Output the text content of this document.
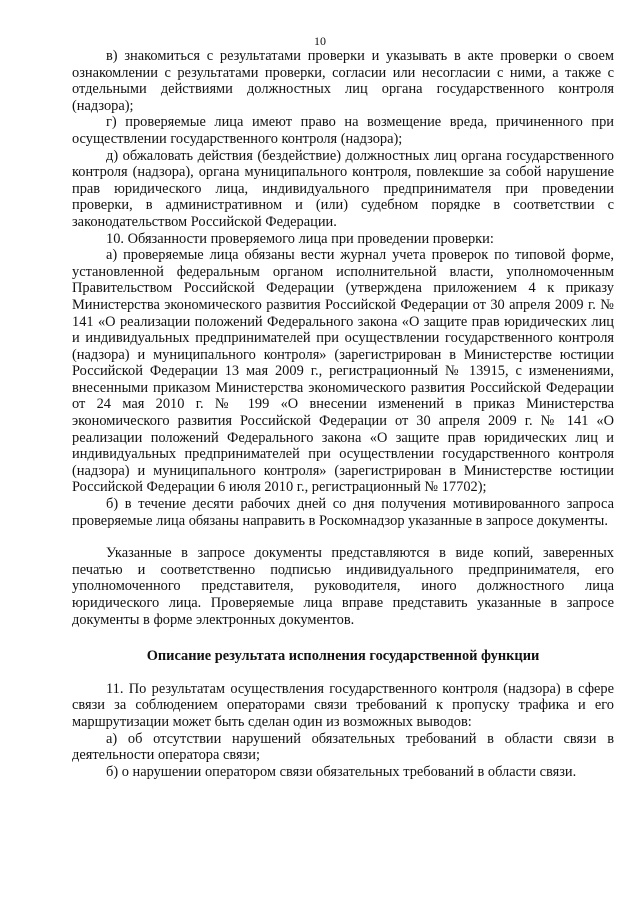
10

в) знакомиться с результатами проверки и указывать в акте проверки о своем ознакомлении с результатами проверки, согласии или несогласии с ними, а также с отдельными действиями должностных лиц органа государственного контроля (надзора);

г) проверяемые лица имеют право на возмещение вреда, причиненного при осуществлении государственного контроля (надзора);

д) обжаловать действия (бездействие) должностных лиц органа государственного контроля (надзора), органа муниципального контроля, повлекшие за собой нарушение прав юридического лица, индивидуального предпринимателя при проведении проверки, в административном и (или) судебном порядке в соответствии с законодательством Российской Федерации.

10. Обязанности проверяемого лица при проведении проверки:

а) проверяемые лица обязаны вести журнал учета проверок по типовой форме, установленной федеральным органом исполнительной власти, уполномоченным Правительством Российской Федерации (утверждена приложением 4 к приказу Министерства экономического развития Российской Федерации от 30 апреля 2009 г. № 141 «О реализации положений Федерального закона «О защите прав юридических лиц и индивидуальных предпринимателей при осуществлении государственного контроля (надзора) и муниципального контроля» (зарегистрирован в Министерстве юстиции Российской Федерации 13 мая 2009 г., регистрационный № 13915, с изменениями, внесенными приказом Министерства экономического развития Российской Федерации от 24 мая 2010 г. № 199 «О внесении изменений в приказ Министерства экономического развития Российской Федерации от 30 апреля 2009 г. № 141 «О реализации положений Федерального закона «О защите прав юридических лиц и индивидуальных предпринимателей при осуществлении государственного контроля (надзора) и муниципального контроля» (зарегистрирован в Министерстве юстиции Российской Федерации 6 июля 2010 г., регистрационный № 17702);

б) в течение десяти рабочих дней со дня получения мотивированного запроса проверяемые лица обязаны направить в Роскомнадзор указанные в запросе документы.

Указанные в запросе документы представляются в виде копий, заверенных печатью и соответственно подписью индивидуального предпринимателя, его уполномоченного представителя, руководителя, иного должностного лица юридического лица. Проверяемые лица вправе представить указанные в запросе документы в форме электронных документов.

Описание результата исполнения государственной функции

11. По результатам осуществления государственного контроля (надзора) в сфере связи за соблюдением операторами связи требований к пропуску трафика и его маршрутизации может быть сделан один из возможных выводов:

а) об отсутствии нарушений обязательных требований в области связи в деятельности оператора связи;

б) о нарушении оператором связи обязательных требований в области связи.
